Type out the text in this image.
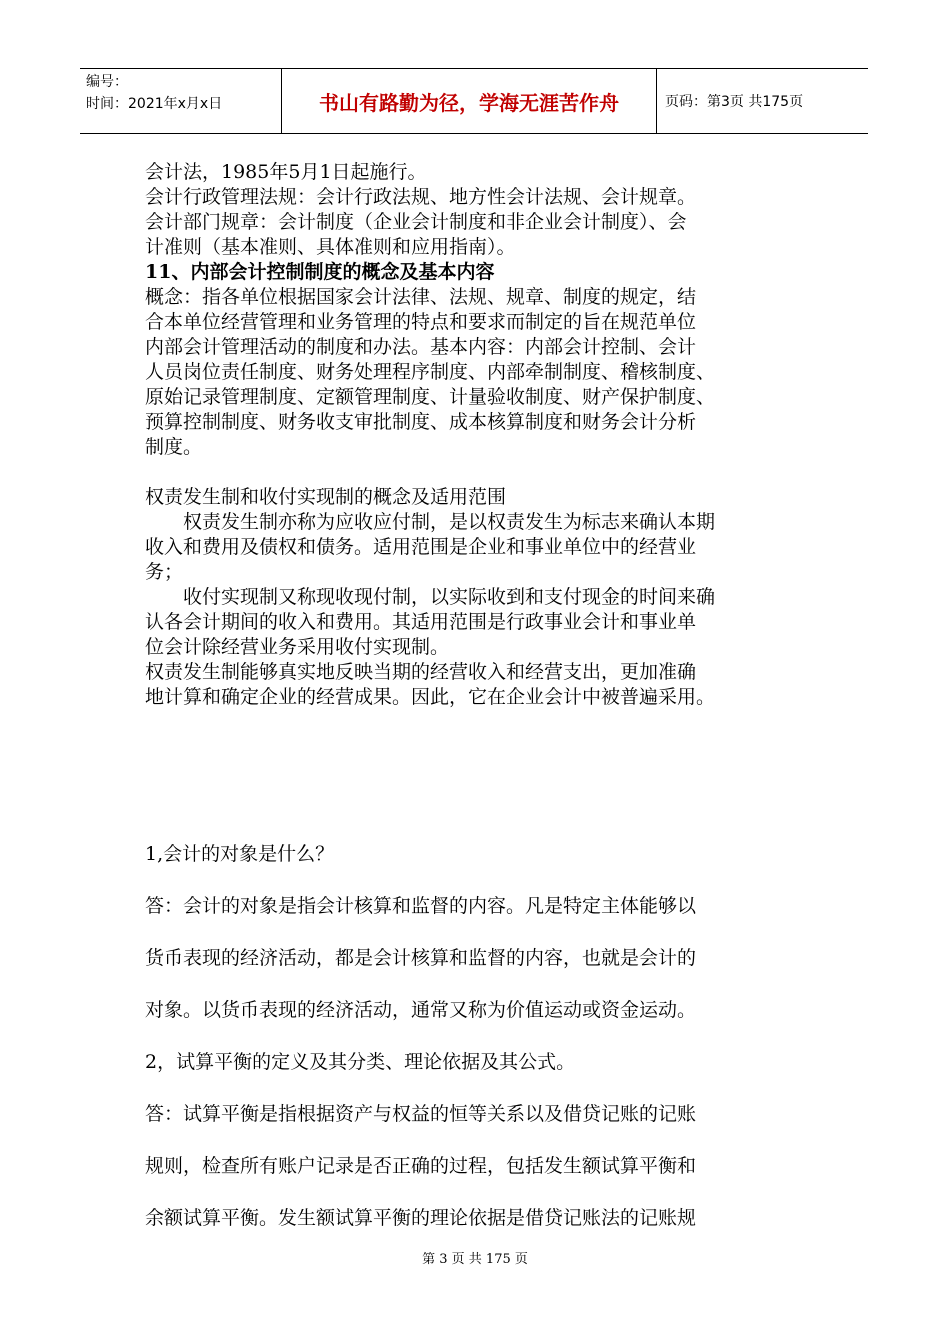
编号：
时间：2021年x月x日	书山有路勤为径，学海无涯苦作舟	页码：第3页 共175页

会计法，1985年5月1日起施行。

会计行政管理法规：会计行政法规、地方性会计法规、会计规章。

会计部门规章：会计制度（企业会计制度和非企业会计制度）、会

计准则（基本准则、具体准则和应用指南）。

11、内部会计控制制度的概念及基本内容

概念：指各单位根据国家会计法律、法规、规章、制度的规定，结

合本单位经营管理和业务管理的特点和要求而制定的旨在规范单位

内部会计管理活动的制度和办法。基本内容：内部会计控制、会计

人员岗位责任制度、财务处理程序制度、内部牵制制度、稽核制度、

原始记录管理制度、定额管理制度、计量验收制度、财产保护制度、

预算控制制度、财务收支审批制度、成本核算制度和财务会计分析

制度。

权责发生制和收付实现制的概念及适用范围

权责发生制亦称为应收应付制，是以权责发生为标志来确认本期

收入和费用及债权和债务。适用范围是企业和事业单位中的经营业

务；

收付实现制又称现收现付制，以实际收到和支付现金的时间来确

认各会计期间的收入和费用。其适用范围是行政事业会计和事业单

位会计除经营业务采用收付实现制。

权责发生制能够真实地反映当期的经营收入和经营支出，更加准确

地计算和确定企业的经营成果。因此，它在企业会计中被普遍采用。

1,会计的对象是什么？

答：会计的对象是指会计核算和监督的内容。凡是特定主体能够以

货币表现的经济活动，都是会计核算和监督的内容，也就是会计的

对象。以货币表现的经济活动，通常又称为价值运动或资金运动。

2，试算平衡的定义及其分类、理论依据及其公式。

答：试算平衡是指根据资产与权益的恒等关系以及借贷记账的记账

规则，检查所有账户记录是否正确的过程，包括发生额试算平衡和

余额试算平衡。发生额试算平衡的理论依据是借贷记账法的记账规

第 3 页 共 175 页
